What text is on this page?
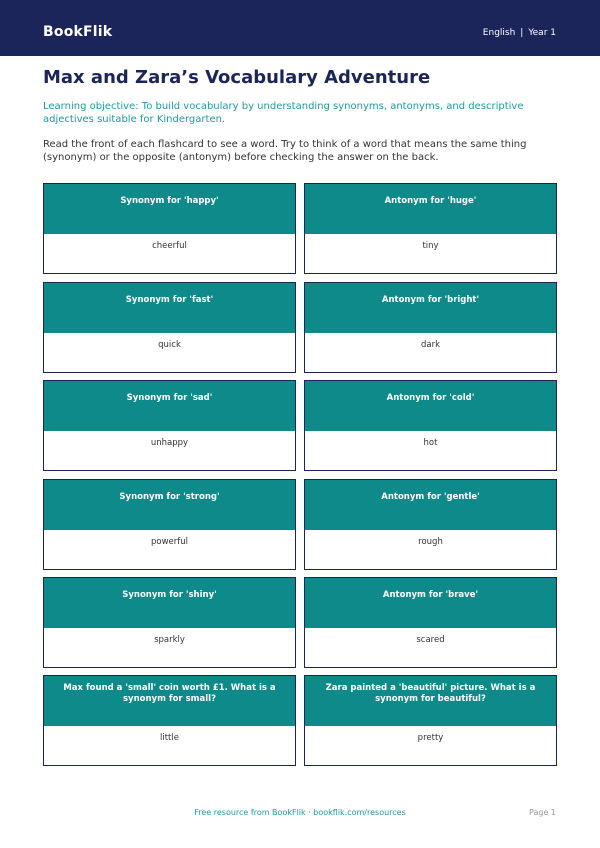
BookFlik	English | Year 1
Max and Zara’s Vocabulary Adventure
Learning objective: To build vocabulary by understanding synonyms, antonyms, and descriptive adjectives suitable for Kindergarten.
Read the front of each flashcard to see a word. Try to think of a word that means the same thing (synonym) or the opposite (antonym) before checking the answer on the back.
Synonym for 'happy'
cheerful
Antonym for 'huge'
tiny
Synonym for 'fast'
quick
Antonym for 'bright'
dark
Synonym for 'sad'
unhappy
Antonym for 'cold'
hot
Synonym for 'strong'
powerful
Antonym for 'gentle'
rough
Synonym for 'shiny'
sparkly
Antonym for 'brave'
scared
Max found a 'small' coin worth £1. What is a synonym for small?
little
Zara painted a 'beautiful' picture. What is a synonym for beautiful?
pretty
Free resource from BookFlik · bookflik.com/resources	Page 1
